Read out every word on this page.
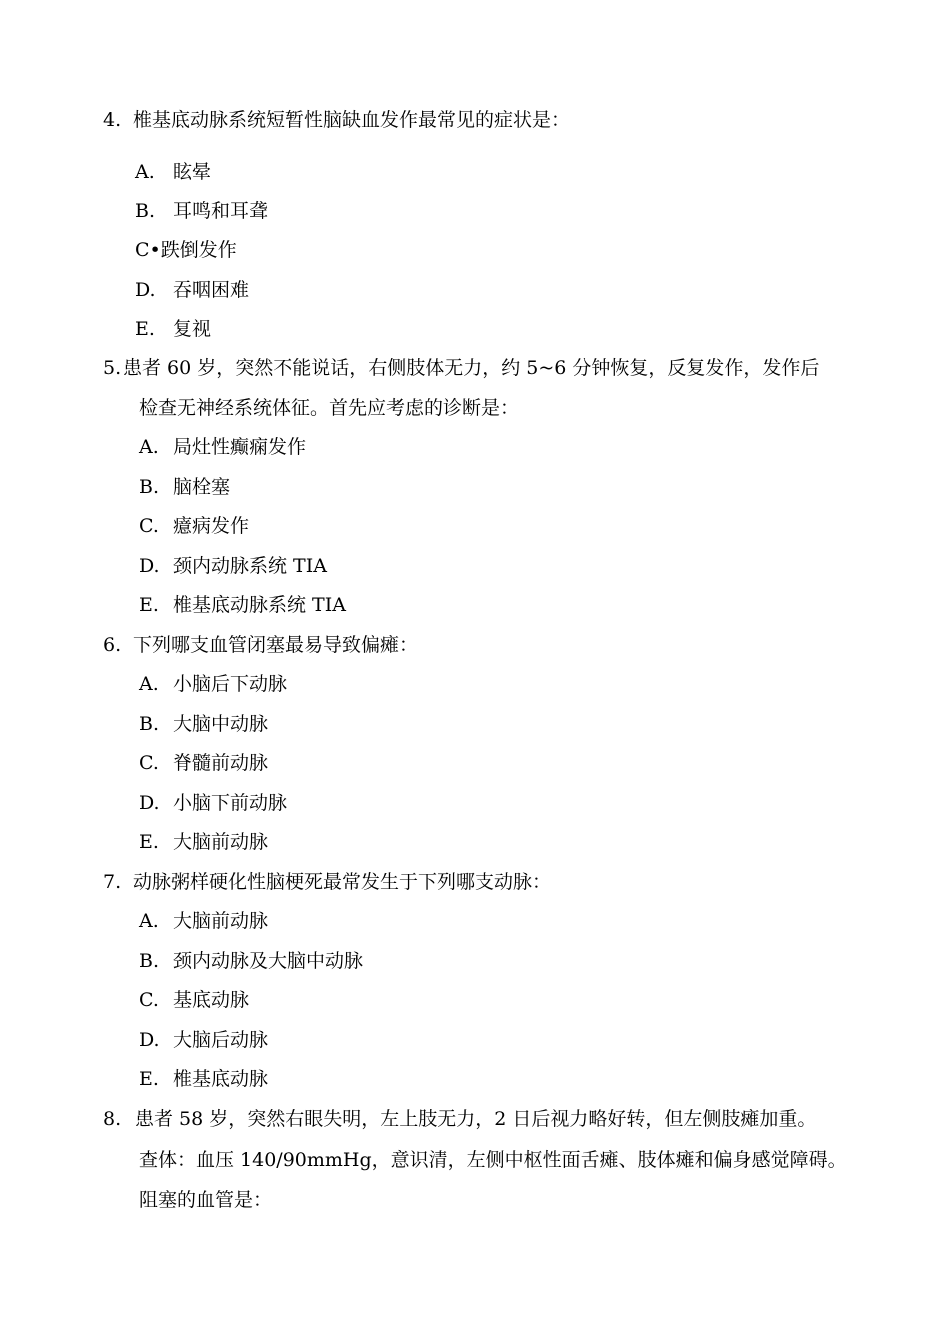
4. 椎基底动脉系统短暂性脑缺血发作最常见的症状是：
A. 眩晕
B. 耳鸣和耳聋
C•跌倒发作
D. 吞咽困难
E. 复视
5.患者 60 岁，突然不能说话，右侧肢体无力，约 5~6 分钟恢复，反复发作，发作后
检查无神经系统体征。首先应考虑的诊断是：
A. 局灶性癫痫发作
B. 脑栓塞
C. 癔病发作
D. 颈内动脉系统 TIA
E. 椎基底动脉系统 TIA
6. 下列哪支血管闭塞最易导致偏瘫：
A. 小脑后下动脉
B. 大脑中动脉
C. 脊髓前动脉
D. 小脑下前动脉
E. 大脑前动脉
7. 动脉粥样硬化性脑梗死最常发生于下列哪支动脉：
A. 大脑前动脉
B. 颈内动脉及大脑中动脉
C. 基底动脉
D. 大脑后动脉
E. 椎基底动脉
8. 患者 58 岁，突然右眼失明，左上肢无力，2 日后视力略好转，但左侧肢瘫加重。
查体：血压 140/90mmHg，意识清，左侧中枢性面舌瘫、肢体瘫和偏身感觉障碍。
阻塞的血管是：
